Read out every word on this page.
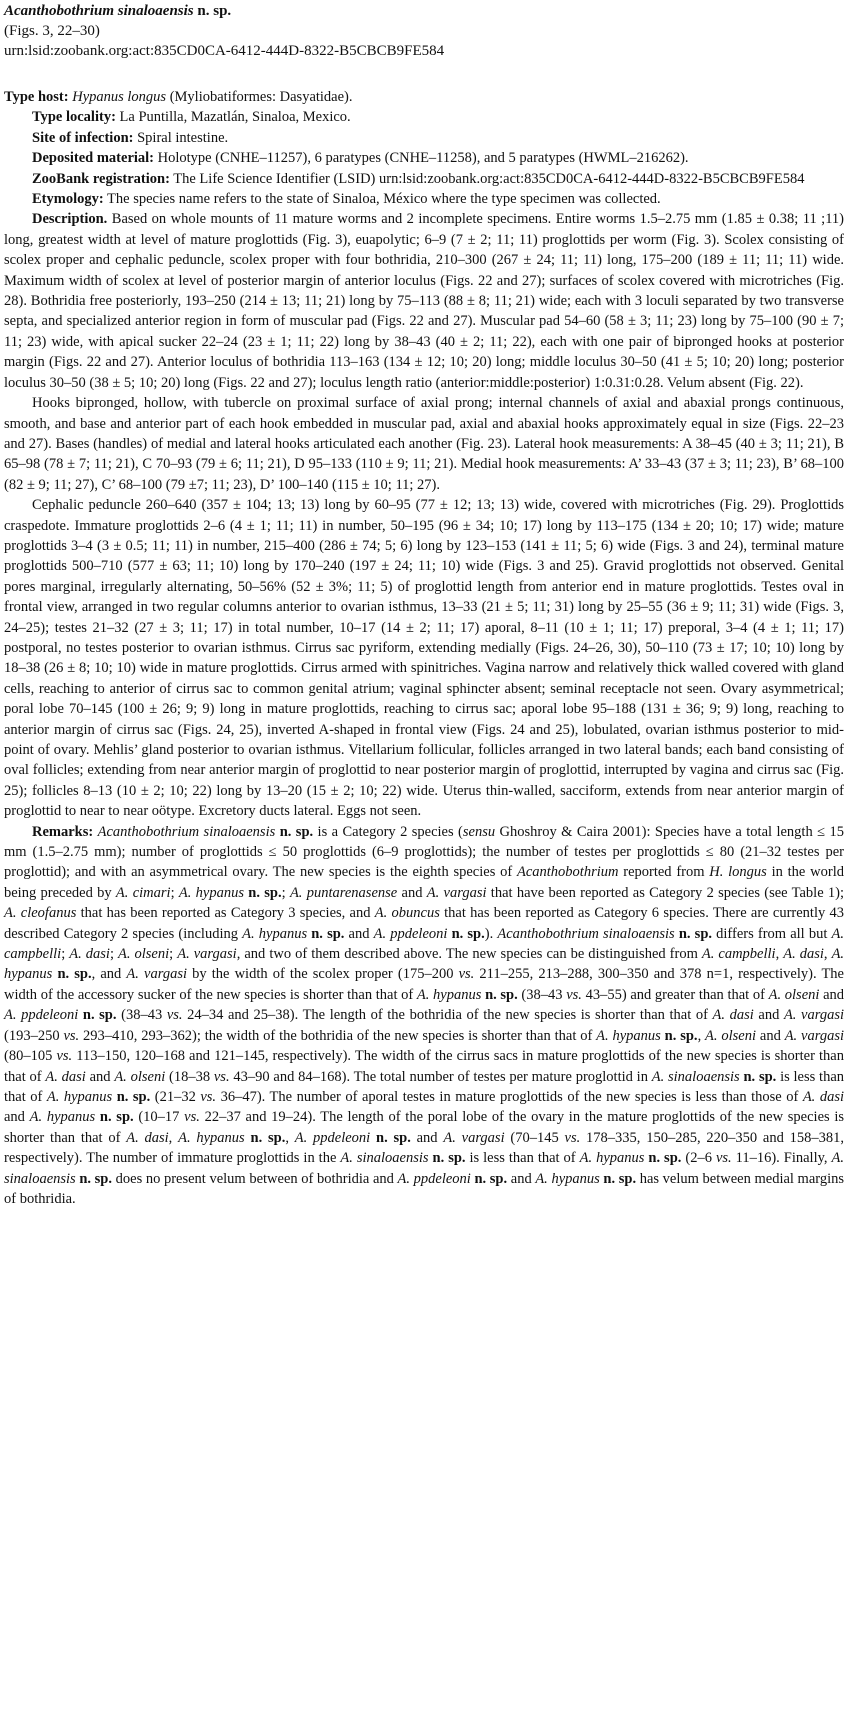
Acanthobothrium sinaloaensis n. sp.
(Figs. 3, 22–30)
urn:lsid:zoobank.org:act:835CD0CA-6412-444D-8322-B5CBCB9FE584

Type host: Hypanus longus (Myliobatiformes: Dasyatidae).

Type locality: La Puntilla, Mazatlán, Sinaloa, Mexico.

Site of infection: Spiral intestine.

Deposited material: Holotype (CNHE–11257), 6 paratypes (CNHE–11258), and 5 paratypes (HWML–216262).

ZooBank registration: The Life Science Identifier (LSID) urn:lsid:zoobank.org:act:835CD0CA-6412-444D-8322-B5CBCB9FE584

Etymology: The species name refers to the state of Sinaloa, México where the type specimen was collected.

Description. Based on whole mounts of 11 mature worms and 2 incomplete specimens. Entire worms 1.5–2.75 mm (1.85 ± 0.38; 11 ;11) long, greatest width at level of mature proglottids (Fig. 3), euapolytic; 6–9 (7 ± 2; 11; 11) proglottids per worm (Fig. 3). Scolex consisting of scolex proper and cephalic peduncle, scolex proper with four bothridia, 210–300 (267 ± 24; 11; 11) long, 175–200 (189 ± 11; 11; 11) wide. Maximum width of scolex at level of posterior margin of anterior loculus (Figs. 22 and 27); surfaces of scolex covered with microtriches (Fig. 28). Bothridia free posteriorly, 193–250 (214 ± 13; 11; 21) long by 75–113 (88 ± 8; 11; 21) wide; each with 3 loculi separated by two transverse septa, and specialized anterior region in form of muscular pad (Figs. 22 and 27). Muscular pad 54–60 (58 ± 3; 11; 23) long by 75–100 (90 ± 7; 11; 23) wide, with apical sucker 22–24 (23 ± 1; 11; 22) long by 38–43 (40 ± 2; 11; 22), each with one pair of bipronged hooks at posterior margin (Figs. 22 and 27). Anterior loculus of bothridia 113–163 (134 ± 12; 10; 20) long; middle loculus 30–50 (41 ± 5; 10; 20) long; posterior loculus 30–50 (38 ± 5; 10; 20) long (Figs. 22 and 27); loculus length ratio (anterior:middle:posterior) 1:0.31:0.28. Velum absent (Fig. 22).

Hooks bipronged, hollow, with tubercle on proximal surface of axial prong; internal channels of axial and abaxial prongs continuous, smooth, and base and anterior part of each hook embedded in muscular pad, axial and abaxial hooks approximately equal in size (Figs. 22–23 and 27). Bases (handles) of medial and lateral hooks articulated each another (Fig. 23). Lateral hook measurements: A 38–45 (40 ± 3; 11; 21), B 65–98 (78 ± 7; 11; 21), C 70–93 (79 ± 6; 11; 21), D 95–133 (110 ± 9; 11; 21). Medial hook measurements: A’ 33–43 (37 ± 3; 11; 23), B’ 68–100 (82 ± 9; 11; 27), C’ 68–100 (79 ±7; 11; 23), D’ 100–140 (115 ± 10; 11; 27).

Cephalic peduncle 260–640 (357 ± 104; 13; 13) long by 60–95 (77 ± 12; 13; 13) wide, covered with microtriches (Fig. 29). Proglottids craspedote. Immature proglottids 2–6 (4 ± 1; 11; 11) in number, 50–195 (96 ± 34; 10; 17) long by 113–175 (134 ± 20; 10; 17) wide; mature proglottids 3–4 (3 ± 0.5; 11; 11) in number, 215–400 (286 ± 74; 5; 6) long by 123–153 (141 ± 11; 5; 6) wide (Figs. 3 and 24), terminal mature proglottids 500–710 (577 ± 63; 11; 10) long by 170–240 (197 ± 24; 11; 10) wide (Figs. 3 and 25). Gravid proglottids not observed. Genital pores marginal, irregularly alternating, 50–56% (52 ± 3%; 11; 5) of proglottid length from anterior end in mature proglottids. Testes oval in frontal view, arranged in two regular columns anterior to ovarian isthmus, 13–33 (21 ± 5; 11; 31) long by 25–55 (36 ± 9; 11; 31) wide (Figs. 3, 24–25); testes 21–32 (27 ± 3; 11; 17) in total number, 10–17 (14 ± 2; 11; 17) aporal, 8–11 (10 ± 1; 11; 17) preporal, 3–4 (4 ± 1; 11; 17) postporal, no testes posterior to ovarian isthmus. Cirrus sac pyriform, extending medially (Figs. 24–26, 30), 50–110 (73 ± 17; 10; 10) long by 18–38 (26 ± 8; 10; 10) wide in mature proglottids. Cirrus armed with spinitriches. Vagina narrow and relatively thick walled covered with gland cells, reaching to anterior of cirrus sac to common genital atrium; vaginal sphincter absent; seminal receptacle not seen. Ovary asymmetrical; poral lobe 70–145 (100 ± 26; 9; 9) long in mature proglottids, reaching to cirrus sac; aporal lobe 95–188 (131 ± 36; 9; 9) long, reaching to anterior margin of cirrus sac (Figs. 24, 25), inverted A-shaped in frontal view (Figs. 24 and 25), lobulated, ovarian isthmus posterior to mid-point of ovary. Mehlis’ gland posterior to ovarian isthmus. Vitellarium follicular, follicles arranged in two lateral bands; each band consisting of oval follicles; extending from near anterior margin of proglottid to near posterior margin of proglottid, interrupted by vagina and cirrus sac (Fig. 25); follicles 8–13 (10 ± 2; 10; 22) long by 13–20 (15 ± 2; 10; 22) wide. Uterus thin-walled, sacciform, extends from near anterior margin of proglottid to near to near oötype. Excretory ducts lateral. Eggs not seen.

Remarks: Acanthobothrium sinaloaensis n. sp. is a Category 2 species (sensu Ghoshroy & Caira 2001): Species have a total length ≤ 15 mm (1.5–2.75 mm); number of proglottids ≤ 50 proglottids (6–9 proglottids); the number of testes per proglottids ≤ 80 (21–32 testes per proglottid); and with an asymmetrical ovary. The new species is the eighth species of Acanthobothrium reported from H. longus in the world being preceded by A. cimari; A. hypanus n. sp.; A. puntarenasense and A. vargasi that have been reported as Category 2 species (see Table 1); A. cleofanus that has been reported as Category 3 species, and A. obuncus that has been reported as Category 6 species. There are currently 43 described Category 2 species (including A. hypanus n. sp. and A. ppdeleoni n. sp.). Acanthobothrium sinaloaensis n. sp. differs from all but A. campbelli; A. dasi; A. olseni; A. vargasi, and two of them described above. The new species can be distinguished from A. campbelli, A. dasi, A. hypanus n. sp., and A. vargasi by the width of the scolex proper (175–200 vs. 211–255, 213–288, 300–350 and 378 n=1, respectively). The width of the accessory sucker of the new species is shorter than that of A. hypanus n. sp. (38–43 vs. 43–55) and greater than that of A. olseni and A. ppdeleoni n. sp. (38–43 vs. 24–34 and 25–38). The length of the bothridia of the new species is shorter than that of A. dasi and A. vargasi (193–250 vs. 293–410, 293–362); the width of the bothridia of the new species is shorter than that of A. hypanus n. sp., A. olseni and A. vargasi (80–105 vs. 113–150, 120–168 and 121–145, respectively). The width of the cirrus sacs in mature proglottids of the new species is shorter than that of A. dasi and A. olseni (18–38 vs. 43–90 and 84–168). The total number of testes per mature proglottid in A. sinaloaensis n. sp. is less than that of A. hypanus n. sp. (21–32 vs. 36–47). The number of aporal testes in mature proglottids of the new species is less than those of A. dasi and A. hypanus n. sp. (10–17 vs. 22–37 and 19–24). The length of the poral lobe of the ovary in the mature proglottids of the new species is shorter than that of A. dasi, A. hypanus n. sp., A. ppdeleoni n. sp. and A. vargasi (70–145 vs. 178–335, 150–285, 220–350 and 158–381, respectively). The number of immature proglottids in the A. sinaloaensis n. sp. is less than that of A. hypanus n. sp. (2–6 vs. 11–16). Finally, A. sinaloaensis n. sp. does no present velum between of bothridia and A. ppdeleoni n. sp. and A. hypanus n. sp. has velum between medial margins of bothridia.
